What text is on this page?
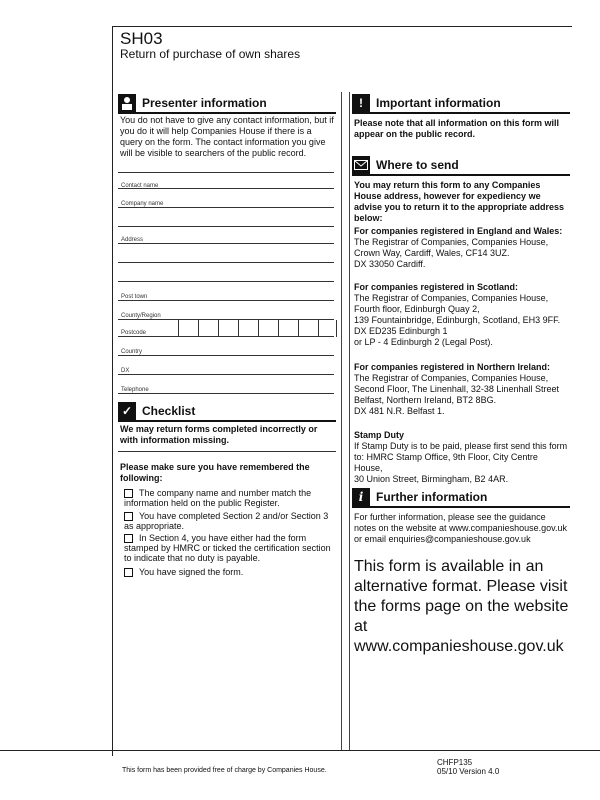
SH03
Return of purchase of own shares
Presenter information
You do not have to give any contact information, but if you do it will help Companies House if there is a query on the form. The contact information you give will be visible to searchers of the public record.
Contact name
Company name
Address
Post town
County/Region
Postcode
Country
DX
Telephone
✓ Checklist
We may return forms completed incorrectly or with information missing.
Please make sure you have remembered the following:
The company name and number match the information held on the public Register.
You have completed Section 2 and/or Section 3 as appropriate.
In Section 4, you have either had the form stamped by HMRC or ticked the certification section to indicate that no duty is payable.
You have signed the form.
!	Important information
Please note that all information on this form will appear on the public record.
Where to send
You may return this form to any Companies House address, however for expediency we advise you to return it to the appropriate address below:
For companies registered in England and Wales:
The Registrar of Companies, Companies House,
Crown Way, Cardiff, Wales, CF14 3UZ.
DX 33050 Cardiff.
For companies registered in Scotland:
The Registrar of Companies, Companies House,
Fourth floor, Edinburgh Quay 2,
139 Fountainbridge, Edinburgh, Scotland, EH3 9FF.
DX ED235 Edinburgh 1
or LP - 4 Edinburgh 2 (Legal Post).
For companies registered in Northern Ireland:
The Registrar of Companies, Companies House,
Second Floor, The Linenhall, 32-38 Linenhall Street
Belfast, Northern Ireland, BT2 8BG.
DX 481 N.R. Belfast 1.
Stamp Duty
If Stamp Duty is to be paid, please first send this form
to: HMRC Stamp Office, 9th Floor, City Centre House,
30 Union Street, Birmingham, B2 4AR.
i	Further information
For further information, please see the guidance notes on the website at www.companieshouse.gov.uk or email enquiries@companieshouse.gov.uk
This form is available in an alternative format. Please visit the forms page on the website at www.companieshouse.gov.uk
This form has been provided free of charge by Companies House.
CHFP135
05/10 Version 4.0
